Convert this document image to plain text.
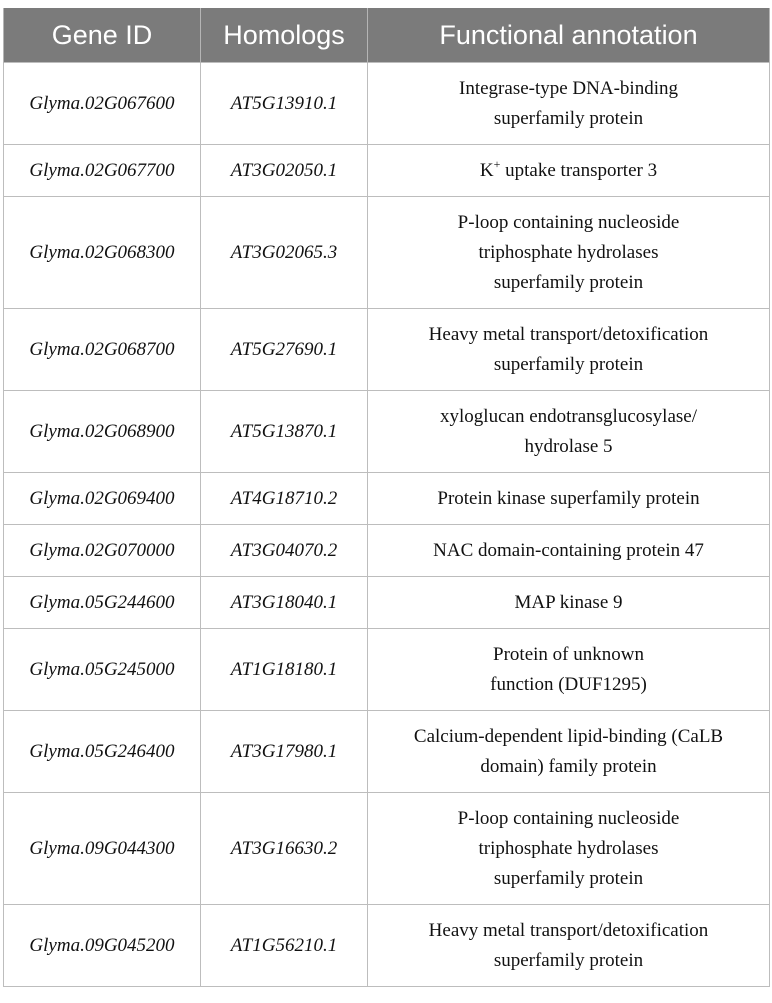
Gene ID	Homologs	Functional annotation
Glyma.02G067600	AT5G13910.1	Integrase-type DNA-binding
superfamily protein

Glyma.02G067700	AT3G02050.1	K+ uptake transporter 3
Glyma.02G068300	AT3G02065.3	P-loop containing nucleoside
triphosphate hydrolases
superfamily protein

Glyma.02G068700	AT5G27690.1	Heavy metal transport/detoxification
superfamily protein

Glyma.02G068900	AT5G13870.1	xyloglucan endotransglucosylase/
hydrolase 5

Glyma.02G069400	AT4G18710.2	Protein kinase superfamily protein

Glyma.02G070000	AT3G04070.2	NAC domain-containing protein 47

Glyma.05G244600	AT3G18040.1	MAP kinase 9

Glyma.05G245000	AT1G18180.1	Protein of unknown
function (DUF1295)

Glyma.05G246400	AT3G17980.1	Calcium-dependent lipid-binding (CaLB
domain) family protein

Glyma.09G044300	AT3G16630.2	P-loop containing nucleoside
triphosphate hydrolases
superfamily protein

Glyma.09G045200	AT1G56210.1	Heavy metal transport/detoxification
superfamily protein
